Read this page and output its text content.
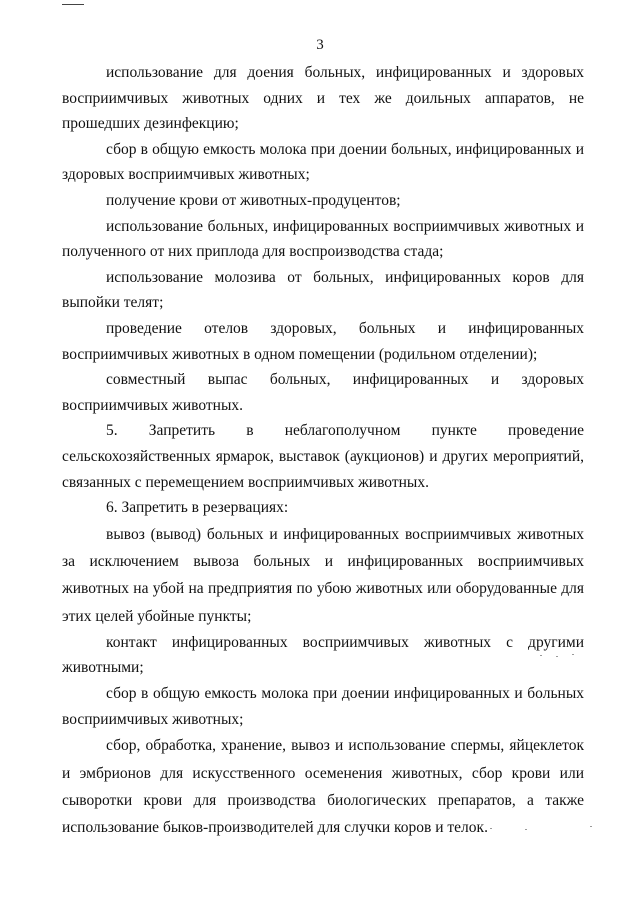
3

использование для доения больных, инфицированных и здоровых восприимчивых животных одних и тех же доильных аппаратов, не прошедших дезинфекцию;

сбор в общую емкость молока при доении больных, инфицированных и здоровых восприимчивых животных;

получение крови от животных-продуцентов;

использование больных, инфицированных восприимчивых животных и полученного от них приплода для воспроизводства стада;

использование молозива от больных, инфицированных коров для выпойки телят;

проведение отелов здоровых, больных и инфицированных восприимчивых животных в одном помещении (родильном отделении);

совместный выпас больных, инфицированных и здоровых восприимчивых животных.

5. Запретить в неблагополучном пункте проведение сельскохозяйственных ярмарок, выставок (аукционов) и других мероприятий, связанных с перемещением восприимчивых животных.

6. Запретить в резервациях:

вывоз (вывод) больных и инфицированных восприимчивых животных за исключением вывоза больных и инфицированных восприимчивых животных на убой на предприятия по убою животных или оборудованные для этих целей убойные пункты;

контакт инфицированных восприимчивых животных с другими животными;

сбор в общую емкость молока при доении инфицированных и больных восприимчивых животных;

сбор, обработка, хранение, вывоз и использование спермы, яйцеклеток и эмбрионов для искусственного осеменения животных, сбор крови или сыворотки крови для производства биологических препаратов, а также использование быков-производителей для случки коров и телок.
